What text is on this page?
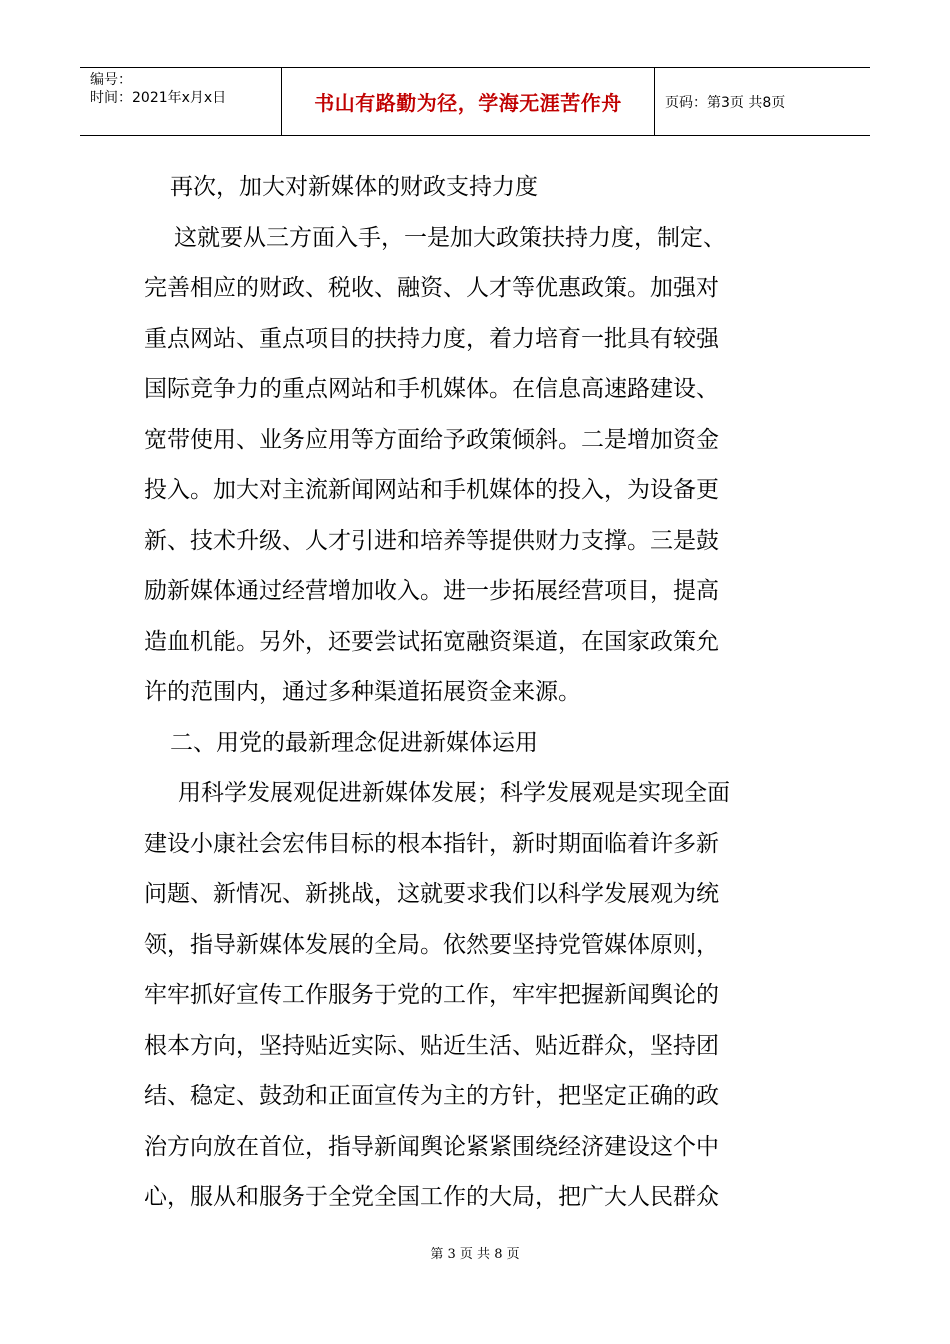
编号：
时间：2021年x月x日	书山有路勤为径，学海无涯苦作舟	页码：第3页 共8页
再次，加大对新媒体的财政支持力度
这就要从三方面入手，一是加大政策扶持力度，制定、
完善相应的财政、税收、融资、人才等优惠政策。加强对
重点网站、重点项目的扶持力度，着力培育一批具有较强
国际竞争力的重点网站和手机媒体。在信息高速路建设、
宽带使用、业务应用等方面给予政策倾斜。二是增加资金
投入。加大对主流新闻网站和手机媒体的投入，为设备更
新、技术升级、人才引进和培养等提供财力支撑。三是鼓
励新媒体通过经营增加收入。进一步拓展经营项目，提高
造血机能。另外，还要尝试拓宽融资渠道，在国家政策允
许的范围内，通过多种渠道拓展资金来源。
二、用党的最新理念促进新媒体运用
用科学发展观促进新媒体发展；科学发展观是实现全面
建设小康社会宏伟目标的根本指针，新时期面临着许多新
问题、新情况、新挑战，这就要求我们以科学发展观为统
领，指导新媒体发展的全局。依然要坚持党管媒体原则，
牢牢抓好宣传工作服务于党的工作，牢牢把握新闻舆论的
根本方向，坚持贴近实际、贴近生活、贴近群众，坚持团
结、稳定、鼓劲和正面宣传为主的方针，把坚定正确的政
治方向放在首位，指导新闻舆论紧紧围绕经济建设这个中
心，服从和服务于全党全国工作的大局，把广大人民群众
第 3 页 共 8 页
